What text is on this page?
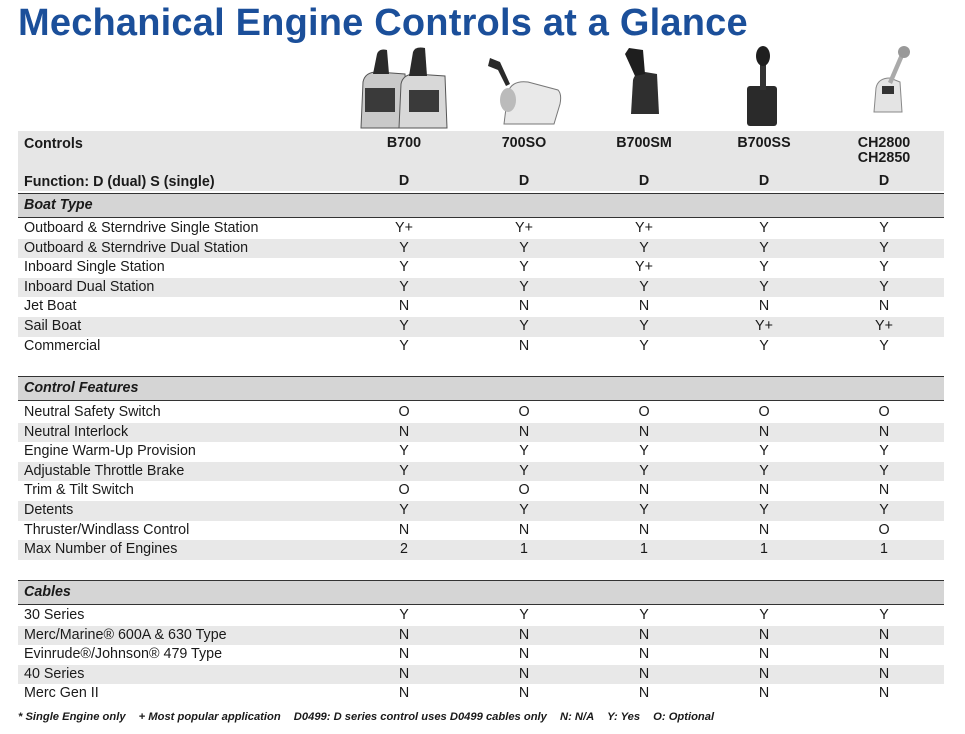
Mechanical Engine Controls at a Glance
Controls
Function: D (dual) S (single)
B700	700SO	B700SM	B700SS	CH2800
CH2850
D	D	D	D	D
Boat Type
Outboard & Sterndrive Single Station	Y+	Y+	Y+	Y	Y
Outboard & Sterndrive Dual Station	Y	Y	Y	Y	Y
Inboard Single Station	Y	Y	Y+	Y	Y
Inboard Dual Station	Y	Y	Y	Y	Y
Jet Boat	N	N	N	N	N
Sail Boat	Y	Y	Y	Y+	Y+
Commercial	Y	N	Y	Y	Y
Control Features
Neutral Safety Switch	O	O	O	O	O
Neutral Interlock	N	N	N	N	N
Engine Warm-Up Provision	Y	Y	Y	Y	Y
Adjustable Throttle Brake	Y	Y	Y	Y	Y
Trim & Tilt Switch	O	O	N	N	N
Detents	Y	Y	Y	Y	Y
Thruster/Windlass Control	N	N	N	N	O
Max Number of Engines	2	1	1	1	1
Cables
30 Series	Y	Y	Y	Y	Y
Merc/Marine® 600A & 630 Type	N	N	N	N	N
Evinrude®/Johnson® 479 Type	N	N	N	N	N
40 Series	N	N	N	N	N
Merc Gen II	N	N	N	N	N
* Single Engine only + Most popular application D0499: D series control uses D0499 cables only N: N/A Y: Yes O: Optional
